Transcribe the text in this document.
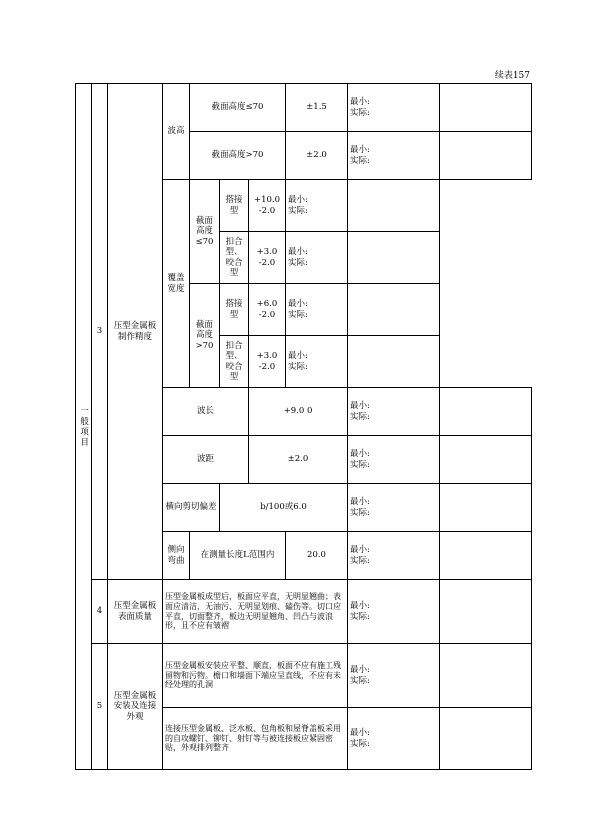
续表157
一般项目	3	压型金属板制作精度	波高	截面高度≤70			±1.5	最小:
实际:	

				截面高度>70			±2.0	最小:
实际:	

			覆盖宽度	截面高度≤70	搭接型	+10.0 -2.0	最小:
实际:		

					扣合型、咬合型	+3.0 -2.0	最小:
实际:		

				截面高度>70	搭接型	+6.0 -2.0	最小:
实际:		

					扣合型、咬合型	+3.0 -2.0	最小:
实际:		

			波长			+9.0 0		最小:
实际:	

			波距			±2.0		最小:
实际:	

			横向剪切偏差		b/100或6.0			最小:
实际:	

			侧向弯曲	在测量长度L范围内			20.0	最小:
实际:	

	4	压型金属板表面质量	压型金属板成型后，板面应平直，无明显翘曲；表面应清洁，无油污、无明显划痕、磕伤等。切口应平直，切面整齐，板边无明显翘角、凹凸与波浪形，且不应有皱褶					最小:
实际:	

	5	压型金属板安装及连接外观	压型金属板安装应平整、顺直，板面不应有施工残留物和污物。檐口和墙面下端应呈直线，不应有未经处理的孔洞					最小:
实际:	

			连接压型金属板、泛水板、包角板和屋脊盖板采用的自攻螺钉、铆钉、射钉等与被连接板应紧固密贴，外观排列整齐					最小:
实际:	
